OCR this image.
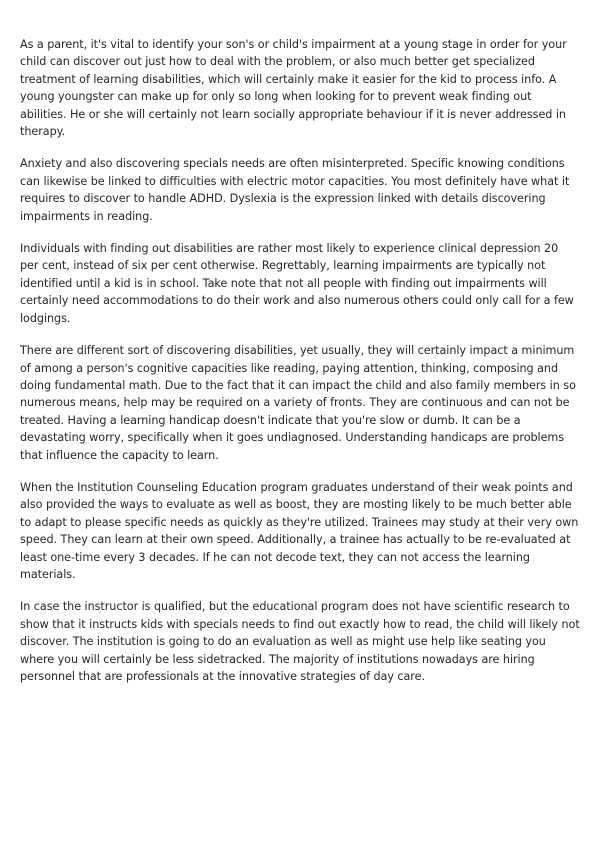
As a parent, it's vital to identify your son's or child's impairment at a young stage in order for your child can discover out just how to deal with the problem, or also much better get specialized treatment of learning disabilities, which will certainly make it easier for the kid to process info. A young youngster can make up for only so long when looking for to prevent weak finding out abilities. He or she will certainly not learn socially appropriate behaviour if it is never addressed in therapy.

Anxiety and also discovering specials needs are often misinterpreted. Specific knowing conditions can likewise be linked to difficulties with electric motor capacities. You most definitely have what it requires to discover to handle ADHD. Dyslexia is the expression linked with details discovering impairments in reading.

Individuals with finding out disabilities are rather most likely to experience clinical depression 20 per cent, instead of six per cent otherwise. Regrettably, learning impairments are typically not identified until a kid is in school. Take note that not all people with finding out impairments will certainly need accommodations to do their work and also numerous others could only call for a few lodgings.

There are different sort of discovering disabilities, yet usually, they will certainly impact a minimum of among a person's cognitive capacities like reading, paying attention, thinking, composing and doing fundamental math. Due to the fact that it can impact the child and also family members in so numerous means, help may be required on a variety of fronts. They are continuous and can not be treated. Having a learning handicap doesn't indicate that you're slow or dumb. It can be a devastating worry, specifically when it goes undiagnosed. Understanding handicaps are problems that influence the capacity to learn.

When the Institution Counseling Education program graduates understand of their weak points and also provided the ways to evaluate as well as boost, they are mosting likely to be much better able to adapt to please specific needs as quickly as they're utilized. Trainees may study at their very own speed. They can learn at their own speed. Additionally, a trainee has actually to be re-evaluated at least one-time every 3 decades. If he can not decode text, they can not access the learning materials.

In case the instructor is qualified, but the educational program does not have scientific research to show that it instructs kids with specials needs to find out exactly how to read, the child will likely not discover. The institution is going to do an evaluation as well as might use help like seating you where you will certainly be less sidetracked. The majority of institutions nowadays are hiring personnel that are professionals at the innovative strategies of day care.
